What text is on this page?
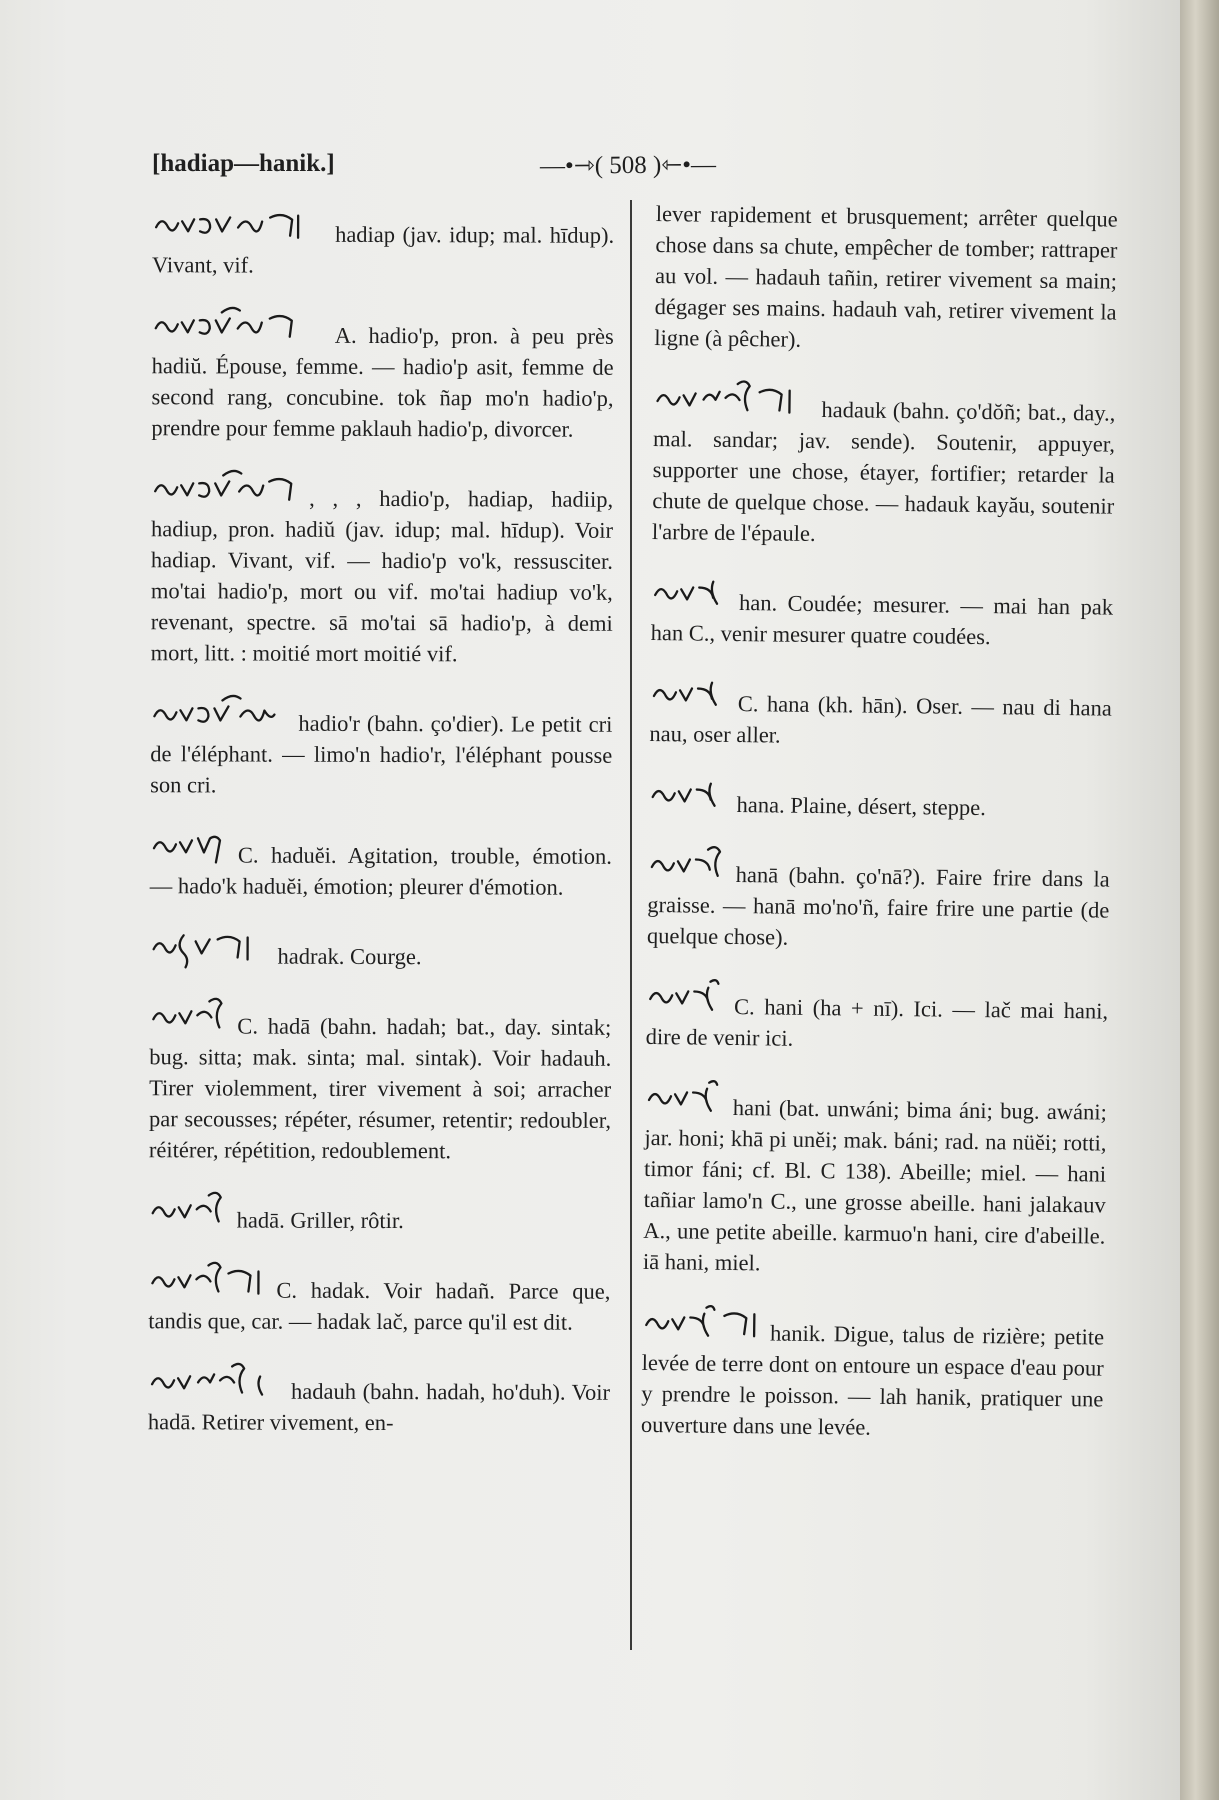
[hadiap—hanik.]	—•⇾( 508 )⇽•—

hadiap (jav. idup; mal. hīdup). Vivant, vif.

A. hadio'p, pron. à peu près hadiŭ. Épouse, femme. — hadio'p asit, femme de second rang, concubine. tok ñap mo'n hadio'p, prendre pour femme paklauh hadio'p, divorcer.

, , , hadio'p, hadiap, hadiip, hadiup, pron. hadiŭ (jav. idup; mal. hīdup). Voir hadiap. Vivant, vif. — hadio'p vo'k, ressusciter. mo'tai hadio'p, mort ou vif. mo'tai hadiup vo'k, revenant, spectre. sā mo'tai sā hadio'p, à demi mort, litt. : moitié mort moitié vif.

hadio'r (bahn. ço'dier). Le petit cri de l'éléphant. — limo'n hadio'r, l'éléphant pousse son cri.

C. haduĕi. Agitation, trouble, émotion. — hado'k haduĕi, émotion; pleurer d'émotion.

hadrak. Courge.

C. hadā (bahn. hadah; bat., day. sintak; bug. sitta; mak. sinta; mal. sintak). Voir hadauh. Tirer violemment, tirer vivement à soi; arracher par secousses; répéter, résumer, retentir; redoubler, réitérer, répétition, redoublement.

hadā. Griller, rôtir.

C. hadak. Voir hadañ. Parce que, tandis que, car. — hadak lač, parce qu'il est dit.

hadauh (bahn. hadah, ho'duh). Voir hadā. Retirer vivement, en-

lever rapidement et brusquement; arrêter quelque chose dans sa chute, empêcher de tomber; rattraper au vol. — hadauh tañin, retirer vivement sa main; dégager ses mains. hadauh vah, retirer vivement la ligne (à pêcher).

hadauk (bahn. ço'dŏñ; bat., day., mal. sandar; jav. sende). Soutenir, appuyer, supporter une chose, étayer, fortifier; retarder la chute de quelque chose. — hadauk kayău, soutenir l'arbre de l'épaule.

han. Coudée; mesurer. — mai han pak han C., venir mesurer quatre coudées.

C. hana (kh. hān). Oser. — nau di hana nau, oser aller.

hana. Plaine, désert, steppe.

hanā (bahn. ço'nā?). Faire frire dans la graisse. — hanā mo'no'ñ, faire frire une partie (de quelque chose).

C. hani (ha + nī). Ici. — lač mai hani, dire de venir ici.

hani (bat. unwáni; bima áni; bug. awáni; jar. honi; khā pi unĕi; mak. báni; rad. na nüĕi; rotti, timor fáni; cf. Bl. C 138). Abeille; miel. — hani tañiar lamo'n C., une grosse abeille. hani jalakauv A., une petite abeille. karmuo'n hani, cire d'abeille. iā hani, miel.

hanik. Digue, talus de rizière; petite levée de terre dont on entoure un espace d'eau pour y prendre le poisson. — lah hanik, pratiquer une ouverture dans une levée.
